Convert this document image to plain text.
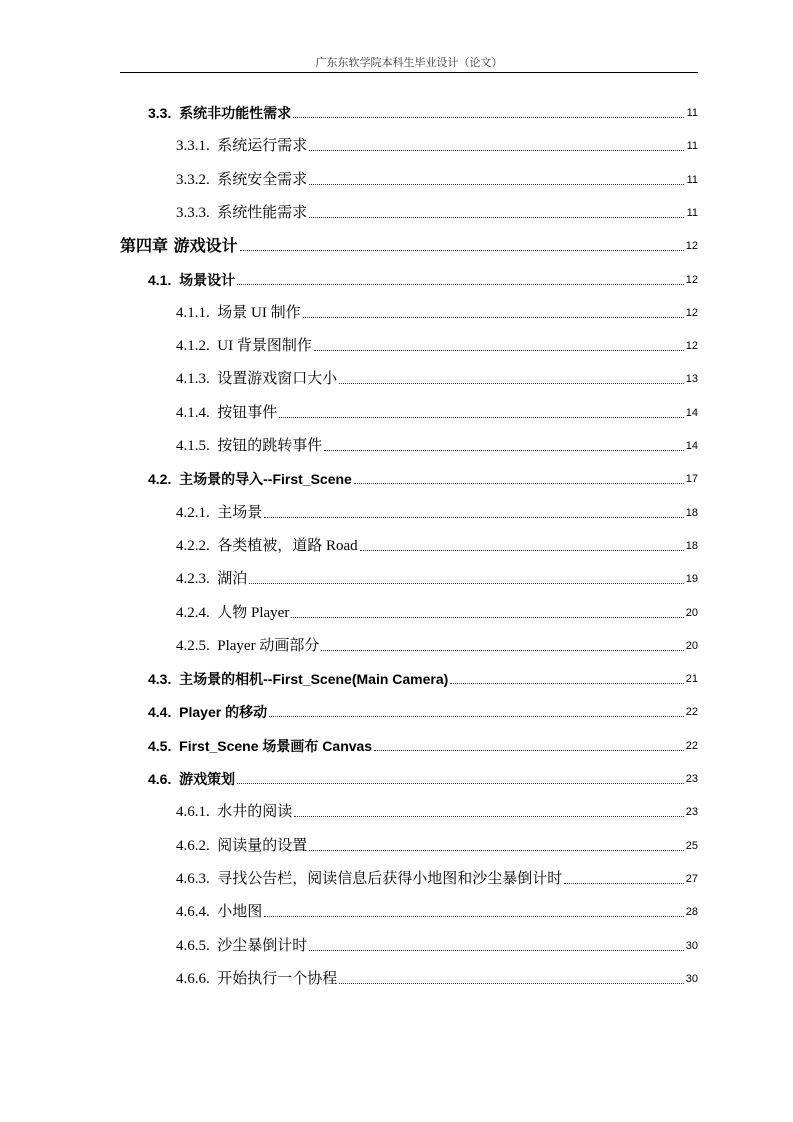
广东东软学院本科生毕业设计（论文）
3.3. 系统非功能性需求	11
3.3.1. 系统运行需求	11
3.3.2. 系统安全需求	11
3.3.3. 系统性能需求	11
第四章 游戏设计	12
4.1. 场景设计	12
4.1.1. 场景 UI 制作	12
4.1.2. UI 背景图制作	12
4.1.3. 设置游戏窗口大小	13
4.1.4. 按钮事件	14
4.1.5. 按钮的跳转事件	14
4.2. 主场景的导入--First_Scene	17
4.2.1. 主场景	18
4.2.2. 各类植被，道路 Road	18
4.2.3. 湖泊	19
4.2.4. 人物 Player	20
4.2.5. Player 动画部分	20
4.3. 主场景的相机--First_Scene(Main Camera)	21
4.4. Player 的移动	22
4.5. First_Scene 场景画布 Canvas	22
4.6. 游戏策划	23
4.6.1. 水井的阅读	23
4.6.2. 阅读量的设置	25
4.6.3. 寻找公告栏，阅读信息后获得小地图和沙尘暴倒计时	27
4.6.4. 小地图	28
4.6.5. 沙尘暴倒计时	30
4.6.6. 开始执行一个协程	30
